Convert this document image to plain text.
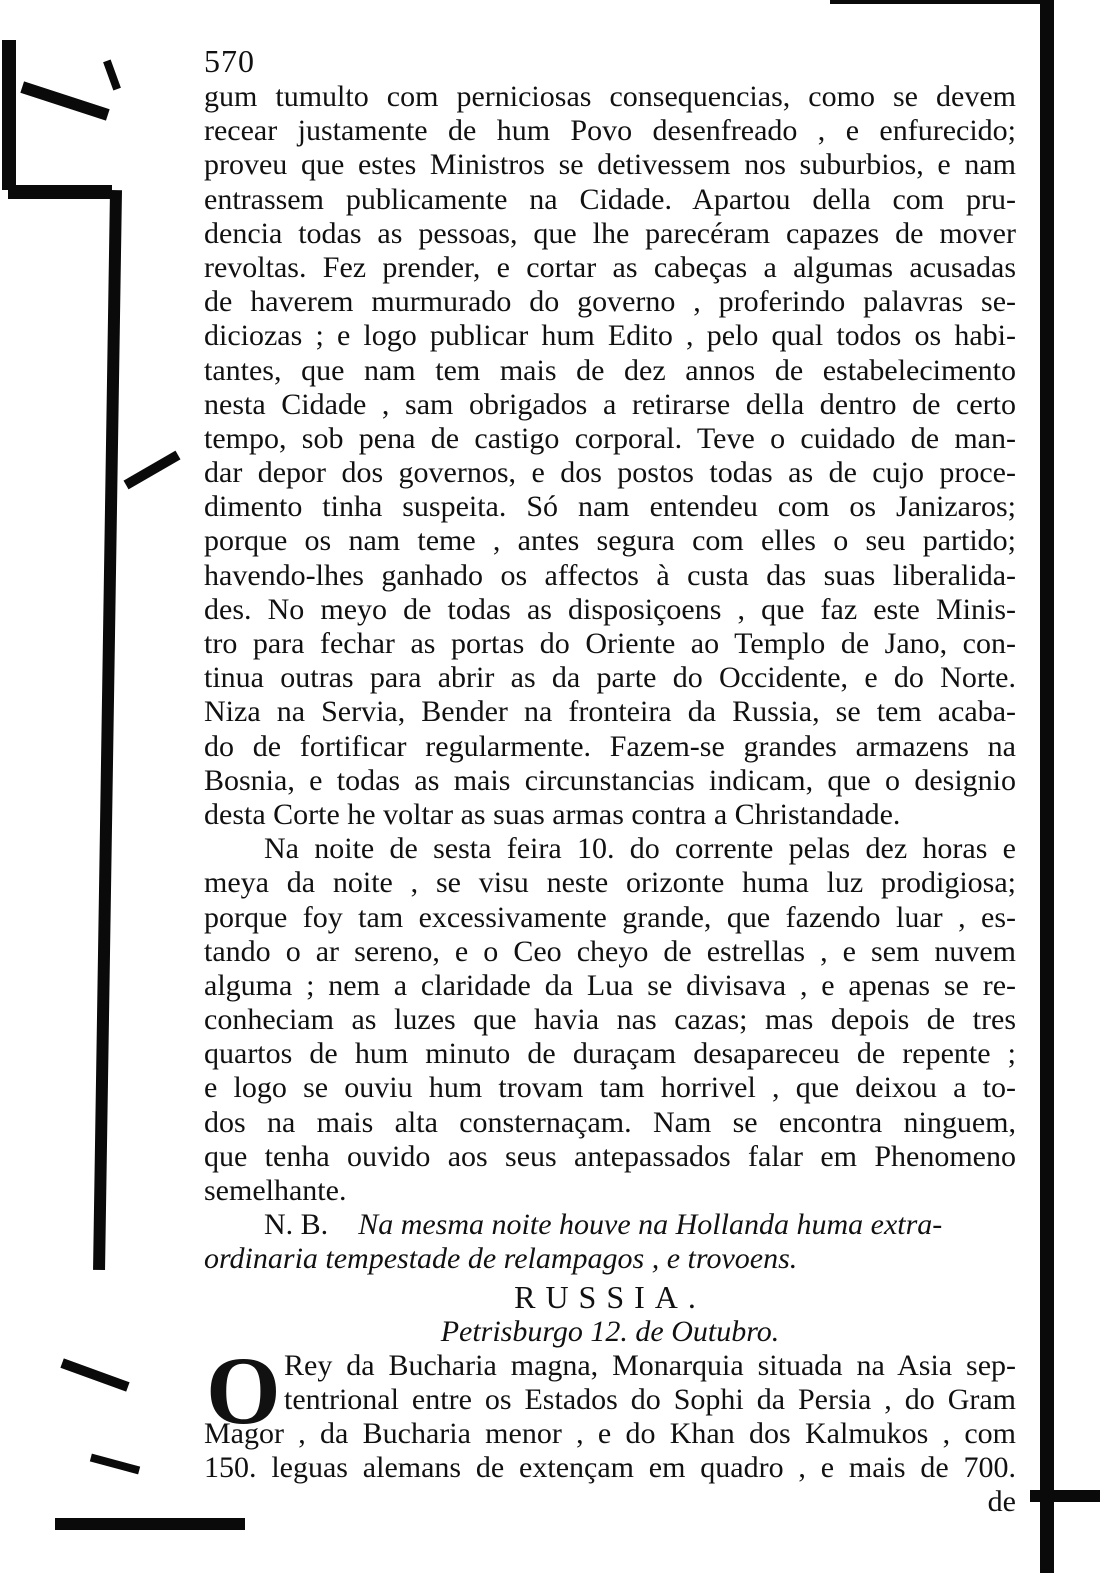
570
gum tumulto com perniciosas consequencias, como se devem
recear justamente de hum Povo desenfreado , e enfurecido;
proveu que estes Ministros se detivessem nos suburbios, e nam
entrassem publicamente na Cidade. Apartou della com pru-
dencia todas as pessoas, que lhe parecéram capazes de mover
revoltas. Fez prender, e cortar as cabeças a algumas acusadas
de haverem murmurado do governo , proferindo palavras se-
diciozas ; e logo publicar hum Edito , pelo qual todos os habi-
tantes, que nam tem mais de dez annos de estabelecimento
nesta Cidade , sam obrigados a retirarse della dentro de certo
tempo, sob pena de castigo corporal. Teve o cuidado de man-
dar depor dos governos, e dos postos todas as de cujo proce-
dimento tinha suspeita. Só nam entendeu com os Janizaros;
porque os nam teme , antes segura com elles o seu partido;
havendo-lhes ganhado os affectos à custa das suas liberalida-
des. No meyo de todas as disposiçoens , que faz este Minis-
tro para fechar as portas do Oriente ao Templo de Jano, con-
tinua outras para abrir as da parte do Occidente, e do Norte.
Niza na Servia, Bender na fronteira da Russia, se tem acaba-
do de fortificar regularmente. Fazem-se grandes armazens na
Bosnia, e todas as mais circunstancias indicam, que o designio
desta Corte he voltar as suas armas contra a Christandade.
Na noite de sesta feira 10. do corrente pelas dez horas e
meya da noite , se visu neste orizonte huma luz prodigiosa;
porque foy tam excessivamente grande, que fazendo luar , es-
tando o ar sereno, e o Ceo cheyo de estrellas , e sem nuvem
alguma ; nem a claridade da Lua se divisava , e apenas se re-
conheciam as luzes que havia nas cazas; mas depois de tres
quartos de hum minuto de duraçam desapareceu de repente ;
e logo se ouviu hum trovam tam horrivel , que deixou a to-
dos na mais alta consternaçam. Nam se encontra ninguem,
que tenha ouvido aos seus antepassados falar em Phenomeno
semelhante.
N. B. Na mesma noite houve na Hollanda huma extra-
ordinaria tempestade de relampagos , e trovoens.
RUSSIA.
Petrisburgo 12. de Outubro.
O Rey da Bucharia magna, Monarquia situada na Asia sep-
tentrional entre os Estados do Sophi da Persia , do Gram
Magor , da Bucharia menor , e do Khan dos Kalmukos , com
150. leguas alemans de extençam em quadro , e mais de 700.
de
